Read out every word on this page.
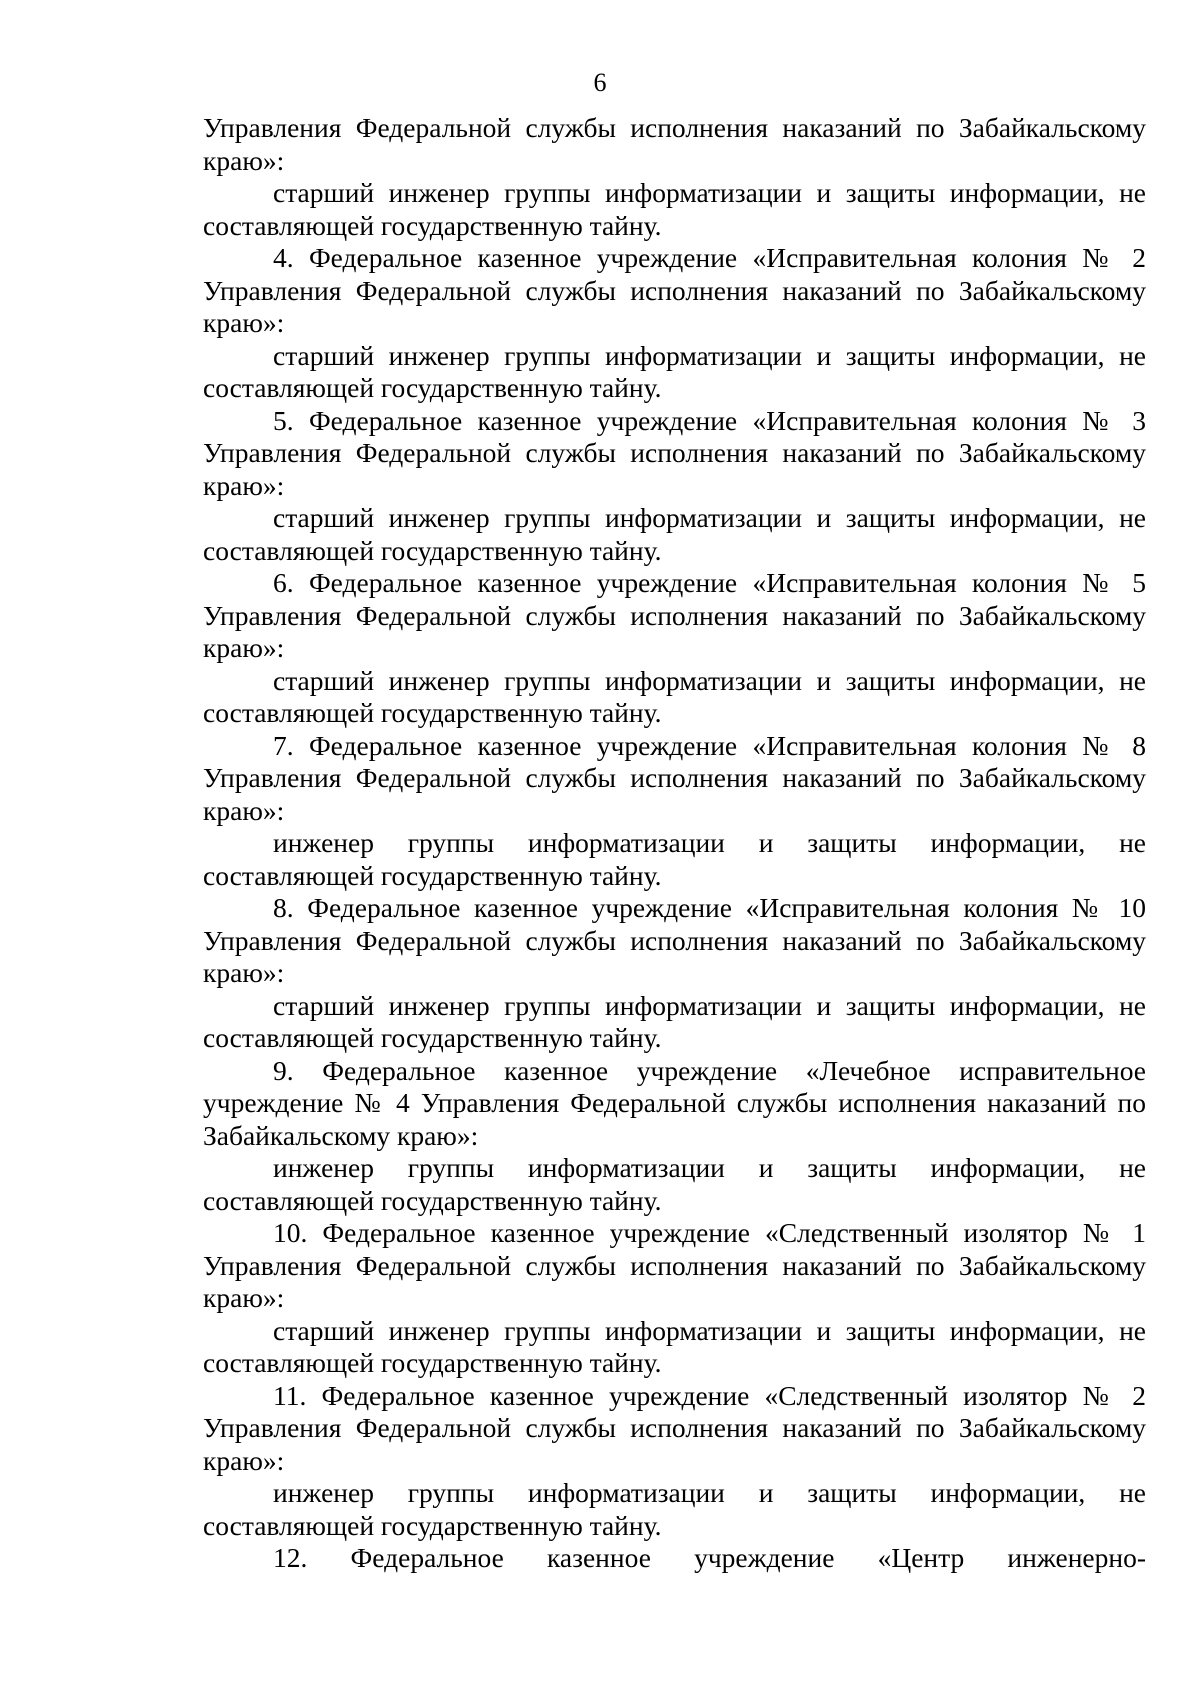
6

Управления Федеральной службы исполнения наказаний по Забайкальскому краю»:

старший инженер группы информатизации и защиты информации, не составляющей государственную тайну.

4. Федеральное казенное учреждение «Исправительная колония № 2 Управления Федеральной службы исполнения наказаний по Забайкальскому краю»:

старший инженер группы информатизации и защиты информации, не составляющей государственную тайну.

5. Федеральное казенное учреждение «Исправительная колония № 3 Управления Федеральной службы исполнения наказаний по Забайкальскому краю»:

старший инженер группы информатизации и защиты информации, не составляющей государственную тайну.

6. Федеральное казенное учреждение «Исправительная колония № 5 Управления Федеральной службы исполнения наказаний по Забайкальскому краю»:

старший инженер группы информатизации и защиты информации, не составляющей государственную тайну.

7. Федеральное казенное учреждение «Исправительная колония № 8 Управления Федеральной службы исполнения наказаний по Забайкальскому краю»:

инженер группы информатизации и защиты информации, не составляющей государственную тайну.

8. Федеральное казенное учреждение «Исправительная колония № 10 Управления Федеральной службы исполнения наказаний по Забайкальскому краю»:

старший инженер группы информатизации и защиты информации, не составляющей государственную тайну.

9. Федеральное казенное учреждение «Лечебное исправительное учреждение № 4 Управления Федеральной службы исполнения наказаний по Забайкальскому краю»:

инженер группы информатизации и защиты информации, не составляющей государственную тайну.

10. Федеральное казенное учреждение «Следственный изолятор № 1 Управления Федеральной службы исполнения наказаний по Забайкальскому краю»:

старший инженер группы информатизации и защиты информации, не составляющей государственную тайну.

11. Федеральное казенное учреждение «Следственный изолятор № 2 Управления Федеральной службы исполнения наказаний по Забайкальскому краю»:

инженер группы информатизации и защиты информации, не составляющей государственную тайну.

12. Федеральное казенное учреждение «Центр инженерно-
